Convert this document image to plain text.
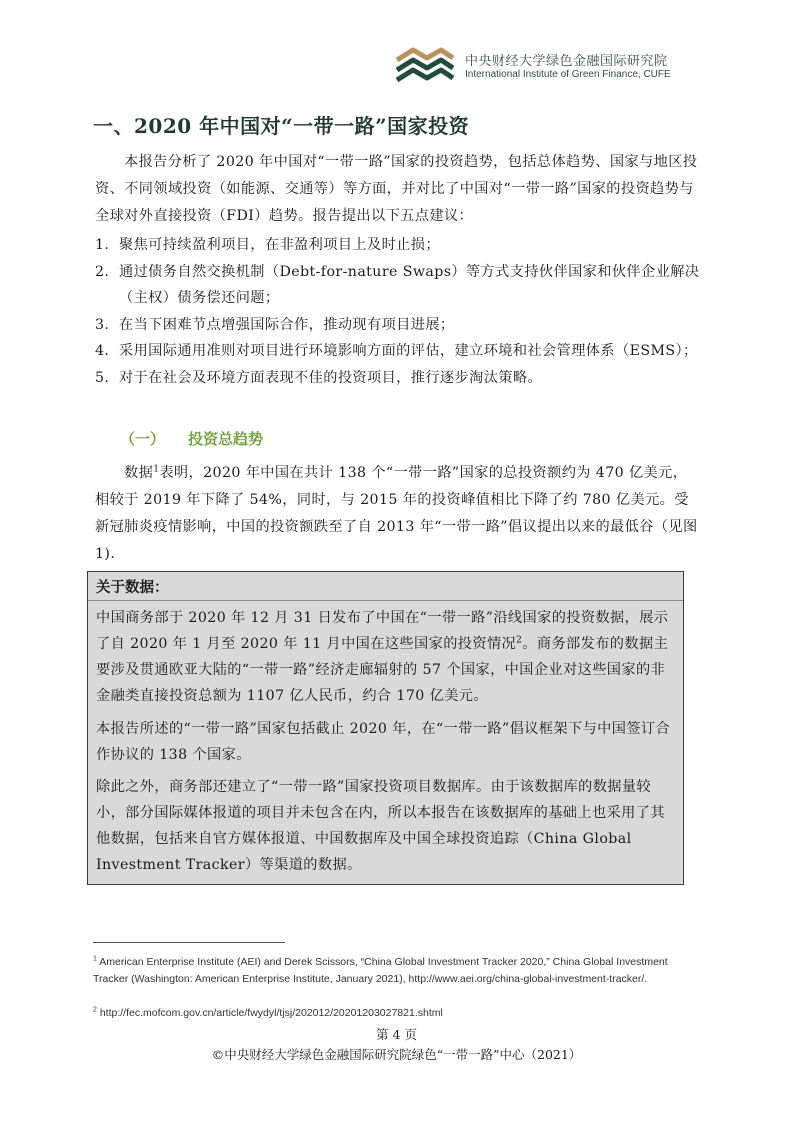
中央财经大学绿色金融国际研究院
International Institute of Green Finance, CUFE
一、2020 年中国对“一带一路”国家投资

本报告分析了 2020 年中国对“一带一路”国家的投资趋势，包括总体趋势、国家与地区投资、不同领域投资（如能源、交通等）等方面，并对比了中国对“一带一路”国家的投资趋势与全球对外直接投资（FDI）趋势。报告提出以下五点建议：

1. 聚焦可持续盈利项目，在非盈利项目上及时止损；
2. 通过债务自然交换机制（Debt-for-nature Swaps）等方式支持伙伴国家和伙伴企业解决（主权）债务偿还问题；
3. 在当下困难节点增强国际合作，推动现有项目进展；
4. 采用国际通用准则对项目进行环境影响方面的评估，建立环境和社会管理体系（ESMS）；
5. 对于在社会及环境方面表现不佳的投资项目，推行逐步淘汰策略。
（一） 投资总趋势

数据$^1$表明，2020 年中国在共计 138 个“一带一路”国家的总投资额约为 470 亿美元，相较于 2019 年下降了 54%，同时，与 2015 年的投资峰值相比下降了约 780 亿美元。受新冠肺炎疫情影响，中国的投资额跌至了自 2013 年“一带一路”倡议提出以来的最低谷（见图 1).

关于数据：

中国商务部于 2020 年 12 月 31 日发布了中国在“一带一路”沿线国家的投资数据，展示了自 2020 年 1 月至 2020 年 11 月中国在这些国家的投资情况$^2$。商务部发布的数据主要涉及贯通欧亚大陆的“一带一路”经济走廊辐射的 57 个国家，中国企业对这些国家的非金融类直接投资总额为 1107 亿人民币，约合 170 亿美元。

本报告所述的“一带一路”国家包括截止 2020 年，在“一带一路”倡议框架下与中国签订合作协议的 138 个国家。

除此之外，商务部还建立了“一带一路”国家投资项目数据库。由于该数据库的数据量较小，部分国际媒体报道的项目并未包含在内，所以本报告在该数据库的基础上也采用了其他数据，包括来自官方媒体报道、中国数据库及中国全球投资追踪（China Global Investment Tracker）等渠道的数据。

$^1$ American Enterprise Institute (AEI) and Derek Scissors, “China Global Investment Tracker 2020,” China Global Investment Tracker (Washington: American Enterprise Institute, January 2021), http://www.aei.org/china-global-investment-tracker/.

$^2$ http://fec.mofcom.gov.cn/article/fwydyl/tjsj/202012/20201203027821.shtml

第 4 页
©中央财经大学绿色金融国际研究院绿色“一带一路”中心（2021）
